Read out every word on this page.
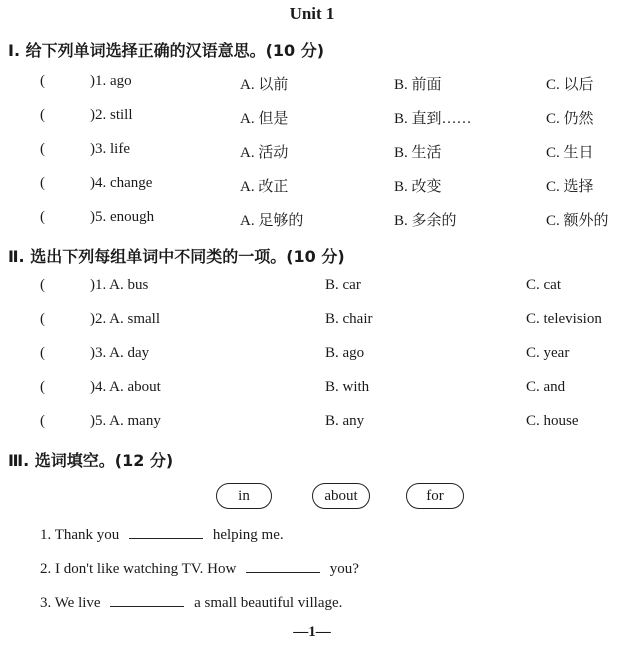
Unit 1
Ⅰ. 给下列单词选择正确的汉语意思。(10 分)
(	)1. ago	A. 以前	B. 前面	C. 以后
(	)2. still	A. 但是	B. 直到……	C. 仍然
(	)3. life	A. 活动	B. 生活	C. 生日
(	)4. change	A. 改正	B. 改变	C. 选择
(	)5. enough	A. 足够的	B. 多余的	C. 额外的
Ⅱ. 选出下列每组单词中不同类的一项。(10 分)
(	)1. A. bus	B. car	C. cat
(	)2. A. small	B. chair	C. television
(	)3. A. day	B. ago	C. year
(	)4. A. about	B. with	C. and
(	)5. A. many	B. any	C. house
Ⅲ. 选词填空。(12 分)
in	about	for
1. Thank you	helping me.
2. I don't like watching TV. How	you?
3. We live	a small beautiful village.
—1—
